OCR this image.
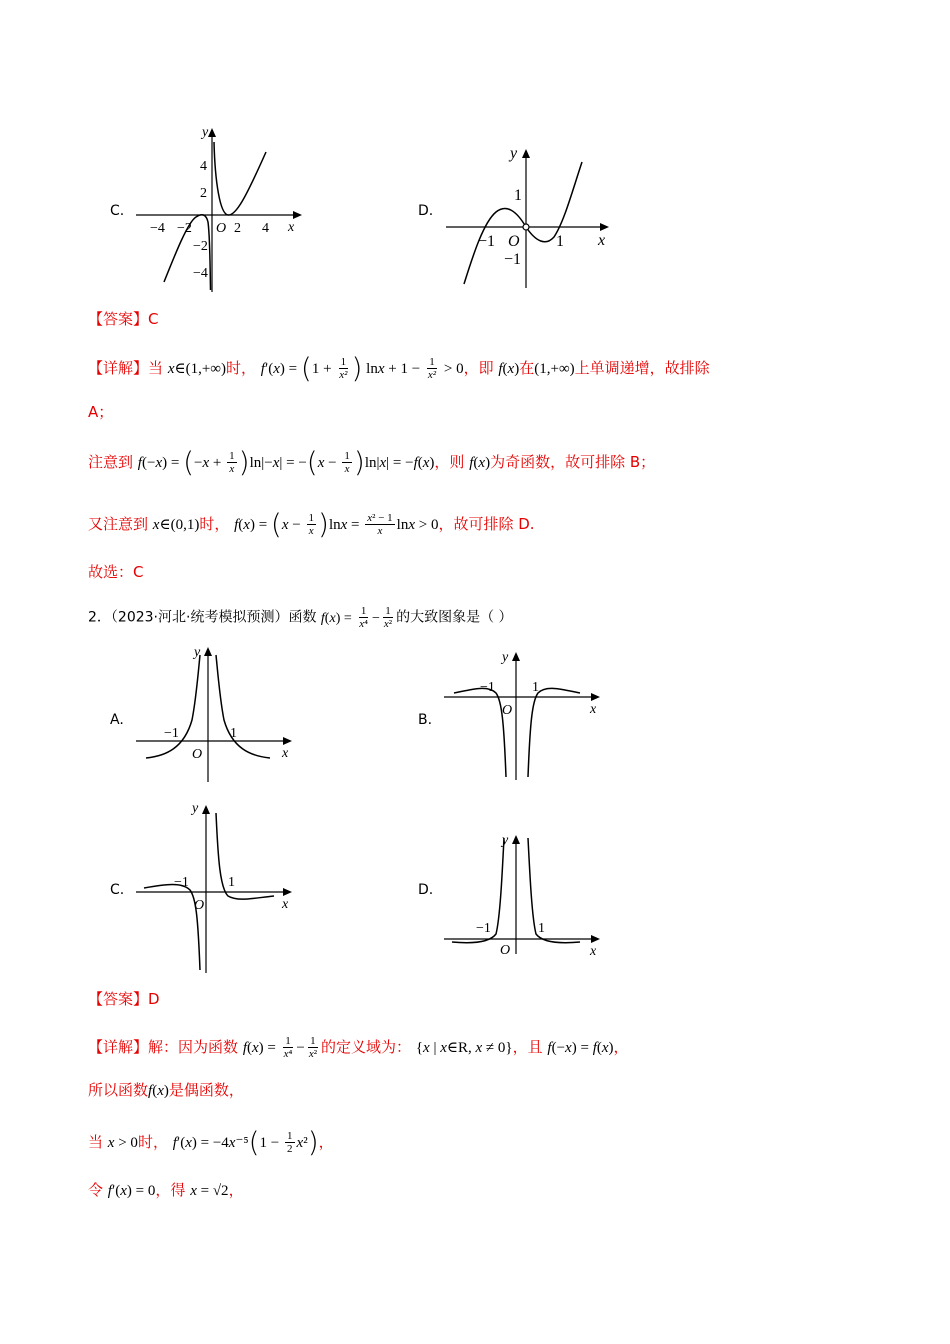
C.
y
x
−4 −2 O 2 4
4
2
−2
−4
D.
y
x
−1 O 1
1
−1
【答案】C
【详解】当 x∈(1,+∞)时， $f'(x) = (1 + \frac{1}{\text{x²}}$ ) $\ln x + 1 - \frac{1}{\text{x²}} > 0$，即 f(x)在(1,+∞)上单调递增，故排除
A；
注意到 $f(-x) = (-x + \frac{1}{x} )\ln|-x| = -(x - \frac{1}{x} )\ln|x| = -f(x)$，则 f(x)为奇函数，故可排除 B；
又注意到 x∈(0,1)时， $f(x) = (x - \frac{1}{x} )\ln x = \frac{\text{x² − 1}}{x}$ lnx > 0，故可排除 D.
故选：C
2．（2023·河北·统考模拟预测）函数 $f(x) = \frac{1}{\text{x⁴}} - \frac{1}{\text{x²}}$ 的大致图象是（ ）
A.
y
x
−1	1
O
B.
y
x
−1	1
O
C.
y
x
−1	1
O
D.
y
x
−1	1
O
【答案】D
【详解】解：因为函数 $f(x) = \frac{1}{\text{x⁴}} - \frac{1}{\text{x²}}$ 的定义域为： {x | x∈R, x ≠ 0}，且 f(−x) = f(x)，
所以函数f(x)是偶函数，
当 x > 0时， $f'(x) = -4x^{-5}(1 - \frac{1}{2} x^2)$，
令 f′(x) = 0，得 x = √2，
